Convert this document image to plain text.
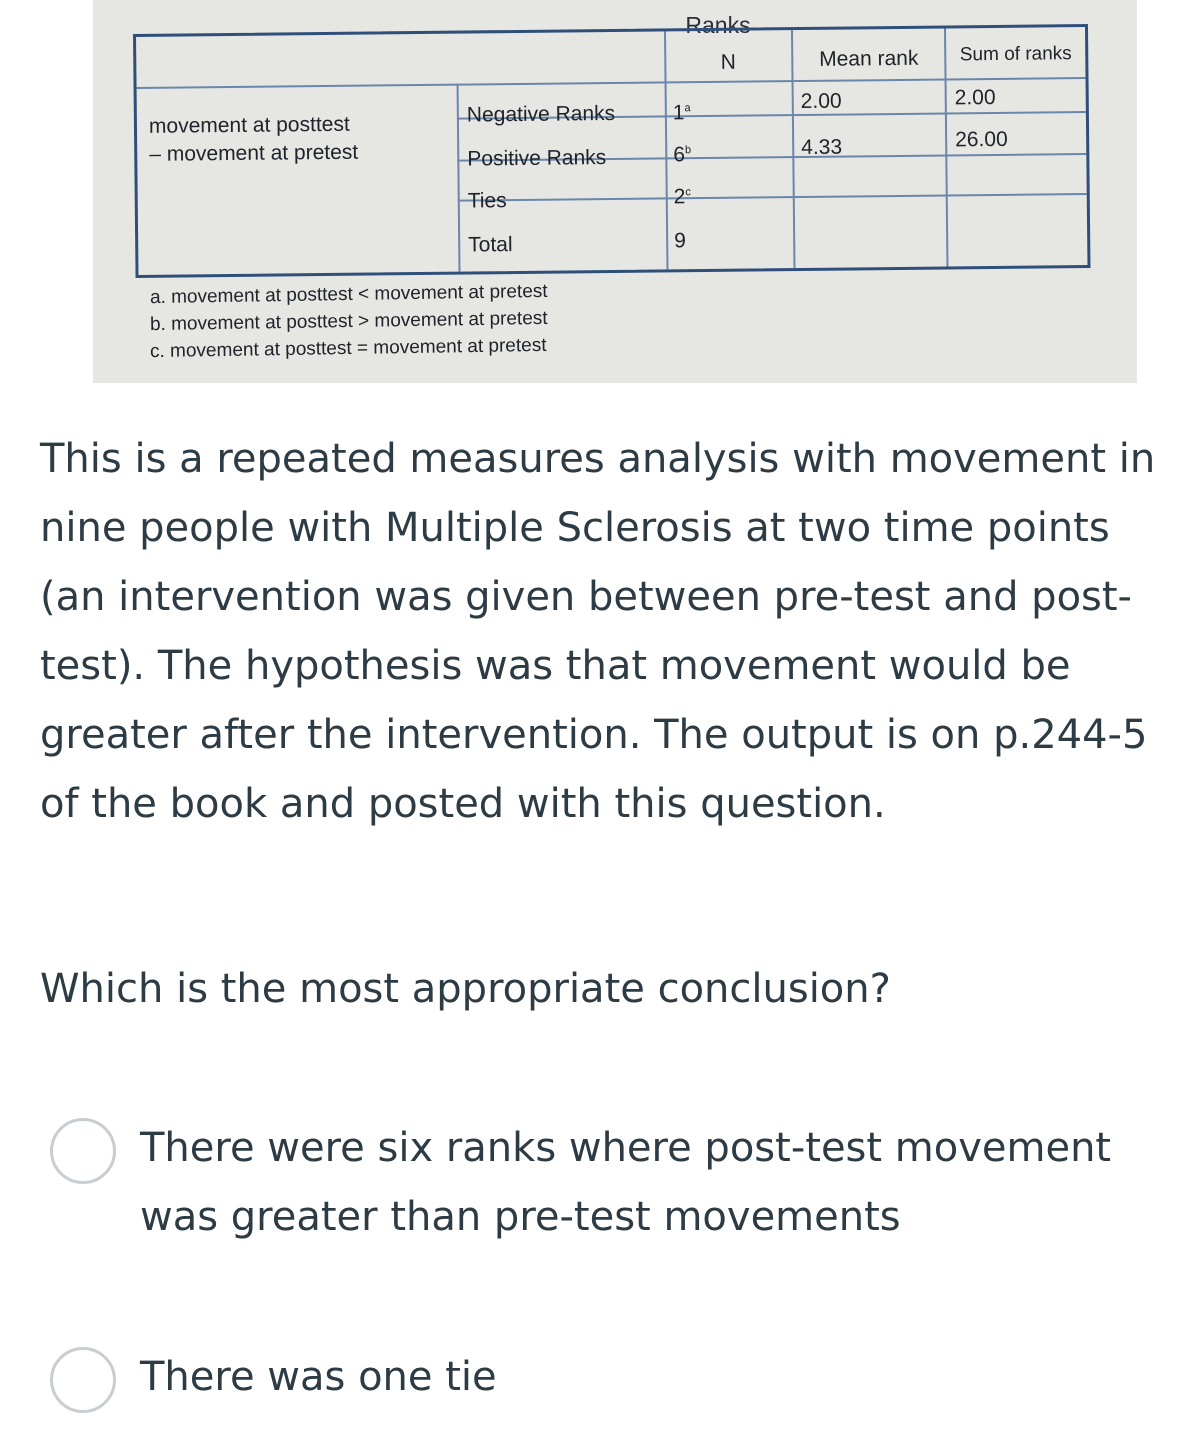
Ranks
N	Mean rank	Sum of ranks
movement at posttest
– movement at pretest
Negative Ranks
Positive Ranks
Ties
Total
1$^a$
6$^b$
2$^c$
9
2.00
4.33
2.00
26.00
a. movement at posttest < movement at pretest
b. movement at posttest > movement at pretest
c. movement at posttest = movement at pretest
This is a repeated measures analysis with movement in nine people with Multiple Sclerosis at two time points (an intervention was given between pre-test and post-test). The hypothesis was that movement would be greater after the intervention. The output is on p.244-5 of the book and posted with this question.
Which is the most appropriate conclusion?
There were six ranks where post-test movement was greater than pre-test movements
There was one tie
